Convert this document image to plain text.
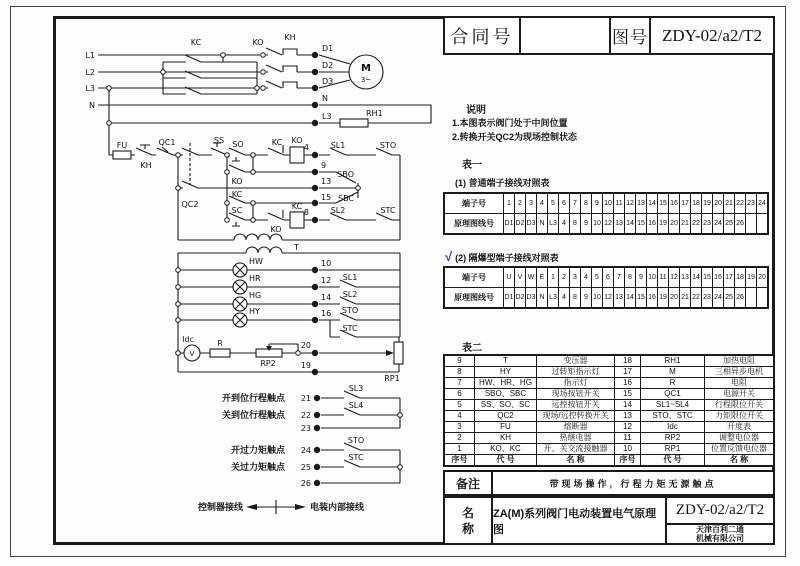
L1
L2
L3
N
KC	KO
KH
D1
D2
D3
N
L3
M
3~
RH1
FU
KH
QC1
QC2
SS SO	KC KO
4	SL1	STO
KO
9
13
15
SBO
SBC
KC
SC
KO
KC
8	SL2	STC
T
HW
HR
HG
HY
10
12
14
16
SL1
SL2
STO
STC
Idc
V
R
RP2
20
19
RP1
开到位行程触点
关到位行程触点
开过力矩触点
关过力矩触点
21
22
23
24
25
26
SL3
SL4
STO
STC
控制器接线	电装内部接线
合同号	图号 ZDY-02/a2/T2
说明
1.本图表示阀门处于中间位置
2.转换开关QC2为现场控制状态
表一
(1) 普通端子接线对照表
端子号	1	2	3	4	5	6	7	8	9 10 11 12 13 14 15 16 17 18 19 20 21 22 23 24
原理图线号	D1 D2 D3 N L3 4	8	9 10 12 13 14 15 16 19 20 21 22 23 24 25 26
√ (2) 隔爆型端子接线对照表
端子号	U V W E 1	2	3	4	5	6	7	8	9 10 11 12 13 14 15 16 17 18 19 20
原理图线号	D1 D2 D3 N L3 4	8	9 10 12 13 14 15 16 19 20 21 22 23 24 25 26
表二
9	T	变压器	18	RH1	加热电阻
8	HY	过转矩指示灯	17	M	三相异步电机
7	HW、HR、HG	指示灯	16	R	电阻
6	SBO、SBC	现场按钮开关	15	QC1	电源开关
5	SS、SO、SC	远控按钮开关	14	SL1~SL4	行程限位开关
4	QC2	现场/远控转换开关	13	STO、STC	力矩限位开关
3	FU	熔断器	12	Idc	开度表
2	KH	热继电器	11	RP2	调整电位器
1	KO、KC	开、关交流接触器	10	RP1	位置反馈电位器
序号	代 号	名 称	序号	代 号	名 称
备注	带现场操作, 行程力矩无源触点
名
称
ZA(M)系列阀门电动装置电气原理图
ZDY-02/a2/T2
天津百利二通
机械有限公司
